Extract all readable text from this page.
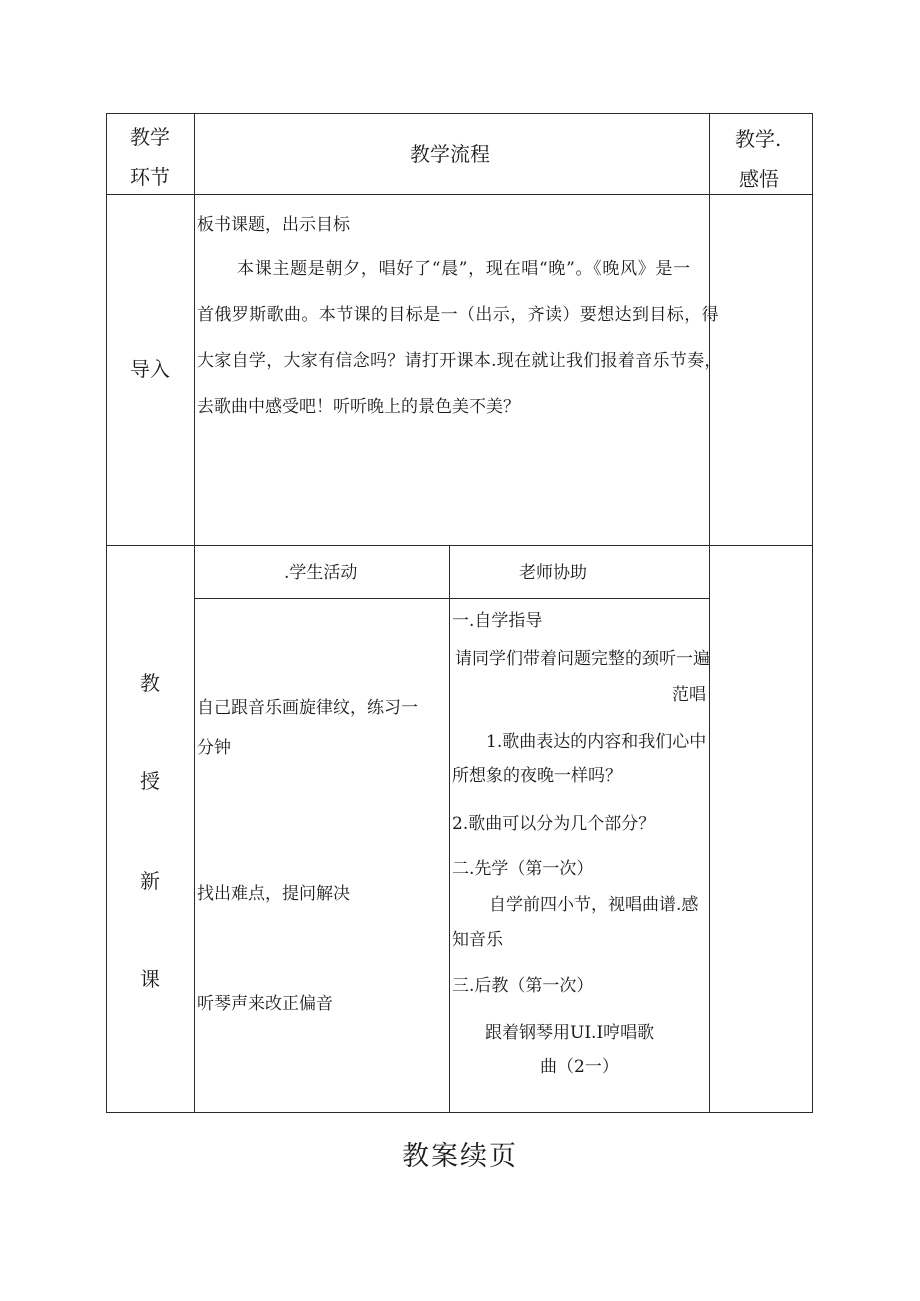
教学
环节
教学流程
教学.
感悟
导入
板书课题，出示目标
本课主题是朝夕，唱好了“晨”，现在唱“晚”。《晚风》是一
首俄罗斯歌曲。本节课的目标是一（出示，齐读）要想达到目标，得
大家自学，大家有信念吗？请打开课本.现在就让我们报着音乐节奏，
去歌曲中感受吧！听听晚上的景色美不美？
教
授
新
课
.学生活动	老师协助
自己跟音乐画旋律纹，练习一
分钟
找出难点，提问解决
听琴声来改正偏音
一.自学指导
请同学们带着问题完整的颈听一遍
范唱
1.歌曲表达的内容和我们心中
所想象的夜晚一样吗？
2.歌曲可以分为几个部分？
二.先学（第一次）
自学前四小节，视唱曲谱.感
知音乐
三.后教（第一次）
跟着钢琴用UI.I哼唱歌
曲（2一）
教案续页
